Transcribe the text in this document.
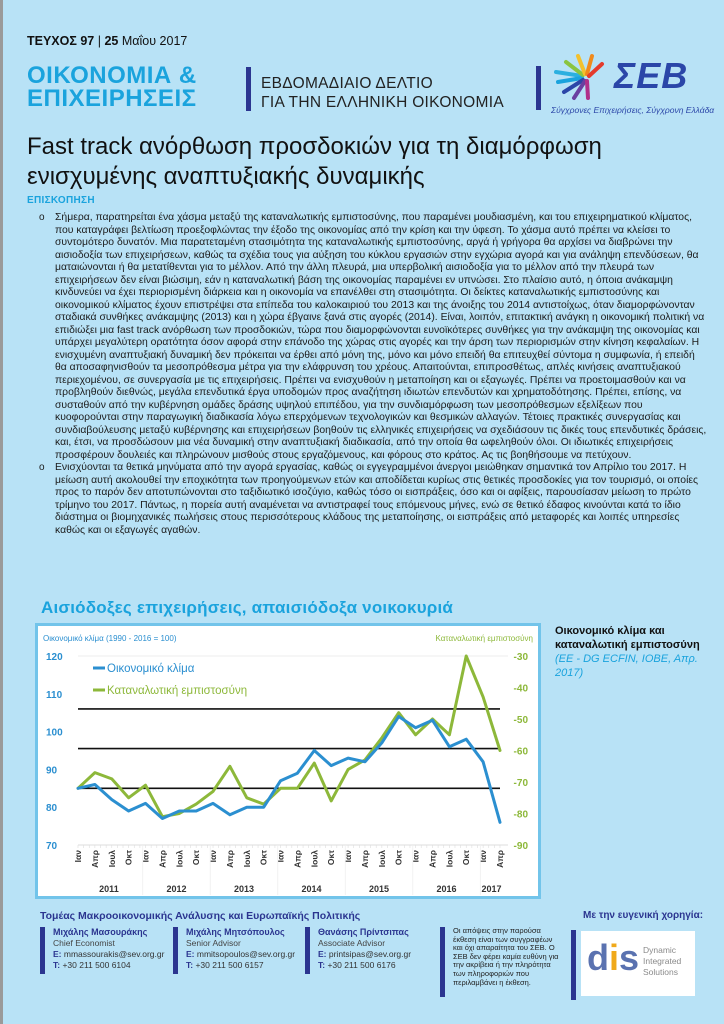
ΤΕΥΧΟΣ 97 | 25 Μαΐου 2017
ΟΙΚΟΝΟΜΙΑ &
ΕΠΙΧΕΙΡΗΣΕΙΣ
ΕΒΔΟΜΑΔΙΑΙΟ ΔΕΛΤΙΟ
ΓΙΑ ΤΗΝ ΕΛΛΗΝΙΚΗ ΟΙΚΟΝΟΜΙΑ
ΣΕΒ
Σύγχρονες Επιχειρήσεις, Σύγχρονη Ελλάδα
Fast track ανόρθωση προσδοκιών για τη διαμόρφωση ενισχυμένης αναπτυξιακής δυναμικής
ΕΠΙΣΚΟΠΗΣΗ
o Σήμερα, παρατηρείται ένα χάσμα μεταξύ της καταναλωτικής εμπιστοσύνης, που παραμένει μουδιασμένη, και του επιχειρηματικού κλίματος, που καταγράφει βελτίωση προεξοφλώντας την έξοδο της οικονομίας από την κρίση και την ύφεση. Το χάσμα αυτό πρέπει να κλείσει το συντομότερο δυνατόν. Μια παρατεταμένη στασιμότητα της καταναλωτικής εμπιστοσύνης, αργά ή γρήγορα θα αρχίσει να διαβρώνει την αισιοδοξία των επιχειρήσεων, καθώς τα σχέδια τους για αύξηση του κύκλου εργασιών στην εγχώρια αγορά και για ανάληψη επενδύσεων, θα ματαιώνονται ή θα μετατίθενται για το μέλλον. Από την άλλη πλευρά, μια υπερβολική αισιοδοξία για το μέλλον από την πλευρά των επιχειρήσεων δεν είναι βιώσιμη, εάν η καταναλωτική βάση της οικονομίας παραμένει εν υπνώσει. Στο πλαίσιο αυτό, η όποια ανάκαμψη κινδυνεύει να έχει περιορισμένη διάρκεια και η οικονομία να επανέλθει στη στασιμότητα. Οι δείκτες καταναλωτικής εμπιστοσύνης και οικονομικού κλίματος έχουν επιστρέψει στα επίπεδα του καλοκαιριού του 2013 και της άνοιξης του 2014 αντιστοίχως, όταν διαμορφώνονταν σταδιακά συνθήκες ανάκαμψης (2013) και η χώρα έβγαινε ξανά στις αγορές (2014). Είναι, λοιπόν, επιτακτική ανάγκη η οικονομική πολιτική να επιδιώξει μια fast track ανόρθωση των προσδοκιών, τώρα που διαμορφώνονται ευνοϊκότερες συνθήκες για την ανάκαμψη της οικονομίας και υπάρχει μεγαλύτερη ορατότητα όσον αφορά στην επάνοδο της χώρας στις αγορές και την άρση των περιορισμών στην κίνηση κεφαλαίων. Η ενισχυμένη αναπτυξιακή δυναμική δεν πρόκειται να έρθει από μόνη της, μόνο και μόνο επειδή θα επιτευχθεί σύντομα η συμφωνία, ή επειδή θα αποσαφηνισθούν τα μεσοπρόθεσμα μέτρα για την ελάφρυνση του χρέους. Απαιτούνται, επιπροσθέτως, απλές κινήσεις αναπτυξιακού περιεχομένου, σε συνεργασία με τις επιχειρήσεις. Πρέπει να ενισχυθούν η μεταποίηση και οι εξαγωγές. Πρέπει να προετοιμασθούν και να προβληθούν διεθνώς, μεγάλα επενδυτικά έργα υποδομών προς αναζήτηση ιδιωτών επενδυτών και χρηματοδότησης. Πρέπει, επίσης, να συσταθούν από την κυβέρνηση ομάδες δράσης υψηλού επιπέδου, για την συνδιαμόρφωση των μεσοπρόθεσμων εξελίξεων που κυοφορούνται στην παραγωγική διαδικασία λόγω επερχόμενων τεχνολογικών και θεσμικών αλλαγών. Τέτοιες πρακτικές συνεργασίας και συνδιαβούλευσης μεταξύ κυβέρνησης και επιχειρήσεων βοηθούν τις ελληνικές επιχειρήσεις να σχεδιάσουν τις δικές τους επενδυτικές δράσεις, και, έτσι, να προσδώσουν μια νέα δυναμική στην αναπτυξιακή διαδικασία, από την οποία θα ωφεληθούν όλοι. Οι ιδιωτικές επιχειρήσεις προσφέρουν δουλειές και πληρώνουν μισθούς στους εργαζόμενους, και φόρους στο κράτος. Ας τις βοηθήσουμε να πετύχουν.
o Ενισχύονται τα θετικά μηνύματα από την αγορά εργασίας, καθώς οι εγγεγραμμένοι άνεργοι μειώθηκαν σημαντικά τον Απρίλιο του 2017. Η μείωση αυτή ακολουθεί την εποχικότητα των προηγούμενων ετών και αποδίδεται κυρίως στις θετικές προσδοκίες για τον τουρισμό, οι οποίες προς το παρόν δεν αποτυπώνονται στο ταξιδιωτικό ισοζύγιο, καθώς τόσο οι εισπράξεις, όσο και οι αφίξεις, παρουσίασαν μείωση το πρώτο τρίμηνο του 2017. Πάντως, η πορεία αυτή αναμένεται να αντιστραφεί τους επόμενους μήνες, ενώ σε θετικό έδαφος κινούνται κατά το ίδιο διάστημα οι βιομηχανικές πωλήσεις στους περισσότερους κλάδους της μεταποίησης, οι εισπράξεις από μεταφορές και λοιπές υπηρεσίες καθώς και οι εξαγωγές αγαθών.
Αισιόδοξες επιχειρήσεις, απαισιόδοξα νοικοκυριά
Οικονομικό κλίμα (1990 - 2016 = 100)	Καταναλωτική εμπιστοσύνη
70
80
90
100
110
120
-90
-80
-70
-60
-50
-40
-30
Ιαν Απρ Ιουλ Οκτ Ιαν Απρ Ιουλ Οκτ Ιαν Απρ Ιουλ Οκτ Ιαν Απρ Ιουλ Οκτ Ιαν Απρ Ιουλ Οκτ Ιαν Απρ Ιουλ Οκτ Ιαν Απρ
2011	2012	2013	2014	2015	2016	2017
Οικονομικό κλίμα
Καταναλωτική εμπιστοσύνη
Οικονομικό κλίμα και καταναλωτική εμπιστοσύνη (ΕΕ - DG ECFIN, ΙΟΒΕ, Απρ. 2017)
Τομέας Μακροοικονομικής Ανάλυσης και Ευρωπαϊκής Πολιτικής
Μιχάλης Μασουράκης
Chief Economist
E: mmassourakis@sev.org.gr
T: +30 211 500 6104
Μιχάλης Μητσόπουλος
Senior Advisor
E: mmitsopoulos@sev.org.gr
T: +30 211 500 6157
Θανάσης Πρίντσιπας
Associate Advisor
E: printsipas@sev.org.gr
T: +30 211 500 6176
Οι απόψεις στην παρούσα έκθεση είναι των συγγραφέων και όχι απαραίτητα του ΣΕΒ. Ο ΣΕΒ δεν φέρει καμία ευθύνη για την ακρίβεια ή την πληρότητα των πληροφοριών που περιλαμβάνει η έκθεση.
Με την ευγενική χορηγία:
dis Dynamic
Integrated
Solutions
